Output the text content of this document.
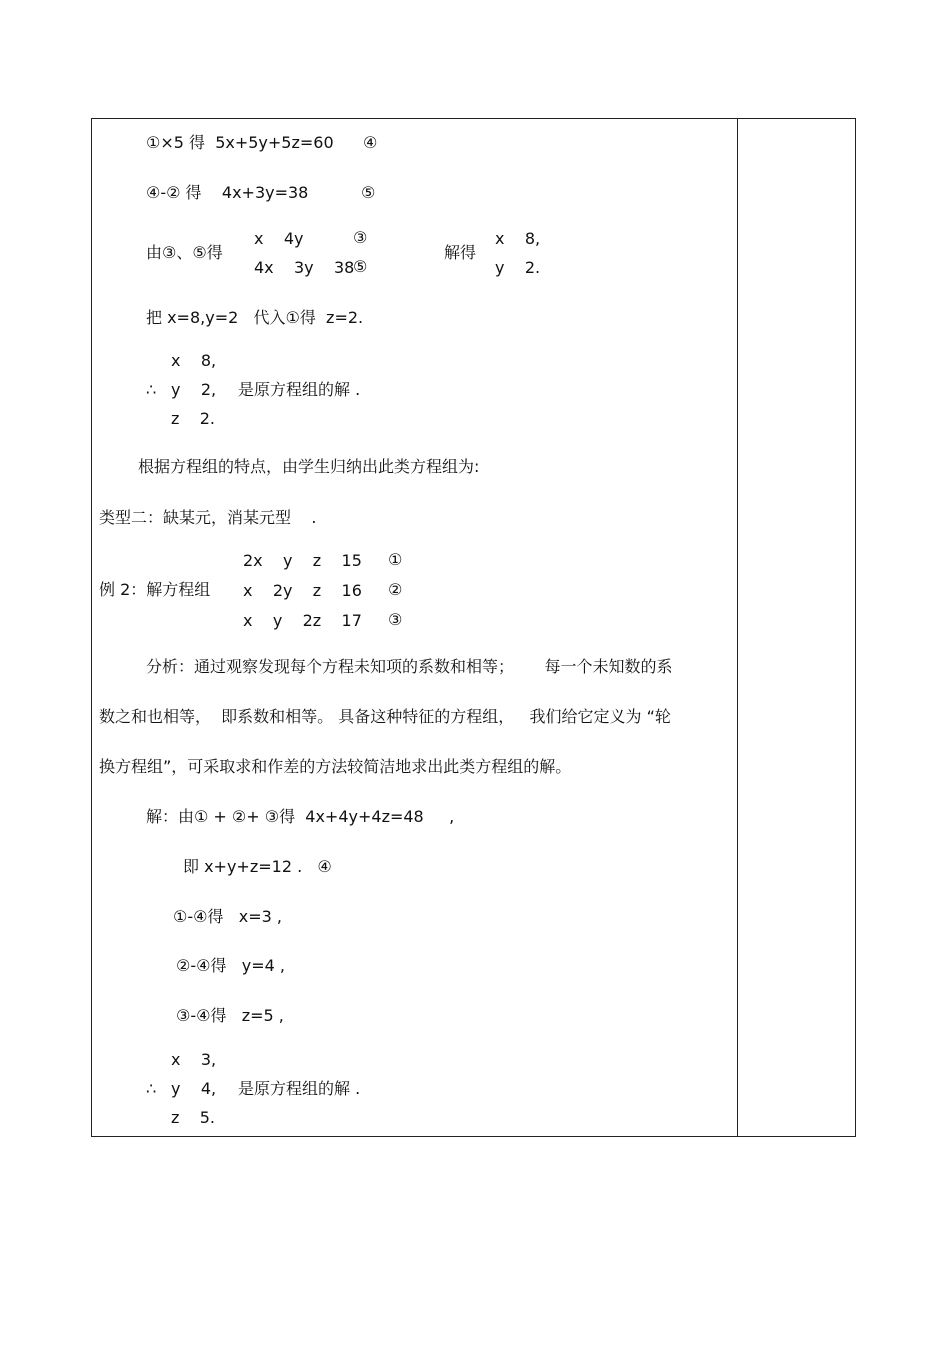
①×5 得  5x+5y+5z=60 ④
④-② 得    4x+3y=38	⑤
由③、⑤得
x    4y	③
4x    3y    38
⑤
解得
x    8,
y    2.
把 x=8,y=2   代入①得  z=2.
x    8,
∴ y    2, 是原方程组的解 .
z    2.
根据方程组的特点，由学生归纳出此类方程组为:
类型二：缺某元，消某元型    .
例 2：解方程组
2x    y    z    15 ①
x    2y    z    16 ②
x    y    2z    17 ③
分析：通过观察发现每个方程未知项的系数和相等；      每一个未知数的系
数之和也相等，  即系数和相等。 具备这种特征的方程组，   我们给它定义为 “轮
换方程组”，可采取求和作差的方法较简洁地求出此类方程组的解。
解：由① + ②+ ③得  4x+4y+4z=48     ,
即 x+y+z=12 .   ④
①-④得   x=3 ,
②-④得   y=4 ,
③-④得   z=5 ,
x    3,
∴ y    4, 是原方程组的解 .
z    5.
